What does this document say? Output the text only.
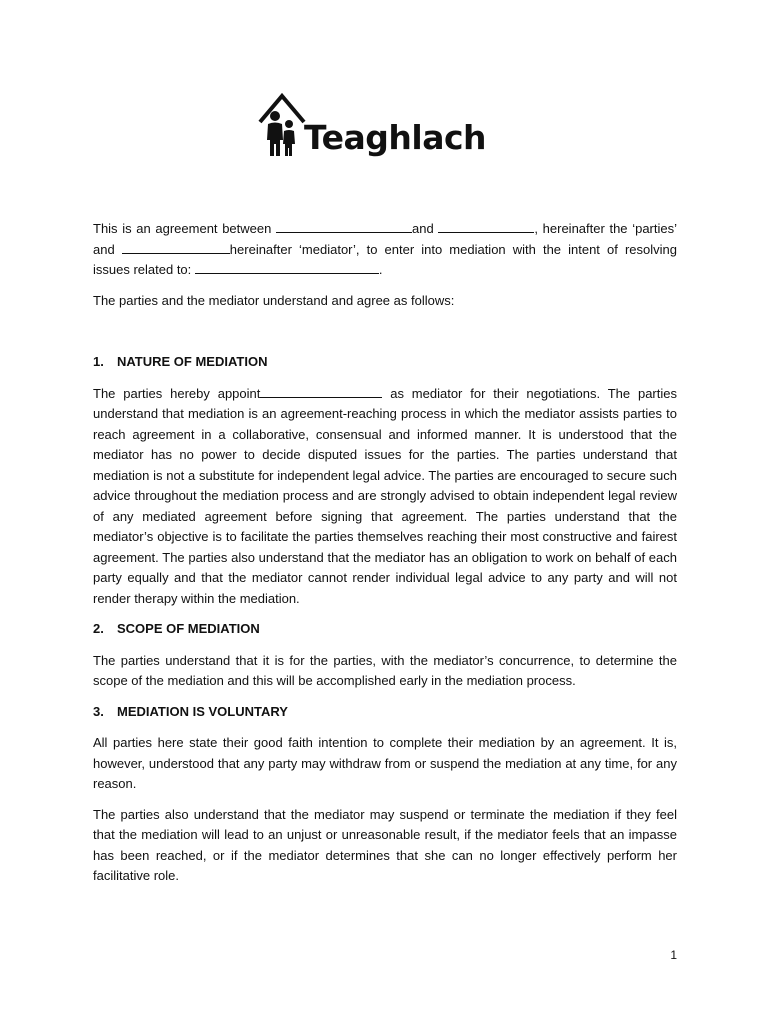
Teaghlach

This is an agreement between	and	, hereinafter the ‘parties’ and	hereinafter ‘mediator’, to enter into mediation with the intent of resolving issues related to:	.

The parties and the mediator understand and agree as follows:

1. NATURE OF MEDIATION

The parties hereby appoint	as mediator for their negotiations. The parties understand that mediation is an agreement-reaching process in which the mediator assists parties to reach agreement in a collaborative, consensual and informed manner. It is understood that the mediator has no power to decide disputed issues for the parties. The parties understand that mediation is not a substitute for independent legal advice. The parties are encouraged to secure such advice throughout the mediation process and are strongly advised to obtain independent legal review of any mediated agreement before signing that agreement. The parties understand that the mediator’s objective is to facilitate the parties themselves reaching their most constructive and fairest agreement. The parties also understand that the mediator has an obligation to work on behalf of each party equally and that the mediator cannot render individual legal advice to any party and will not render therapy within the mediation.

2. SCOPE OF MEDIATION

The parties understand that it is for the parties, with the mediator’s concurrence, to determine the scope of the mediation and this will be accomplished early in the mediation process.

3. MEDIATION IS VOLUNTARY

All parties here state their good faith intention to complete their mediation by an agreement. It is, however, understood that any party may withdraw from or suspend the mediation at any time, for any reason.

The parties also understand that the mediator may suspend or terminate the mediation if they feel that the mediation will lead to an unjust or unreasonable result, if the mediator feels that an impasse has been reached, or if the mediator determines that she can no longer effectively perform her facilitative role.

1
